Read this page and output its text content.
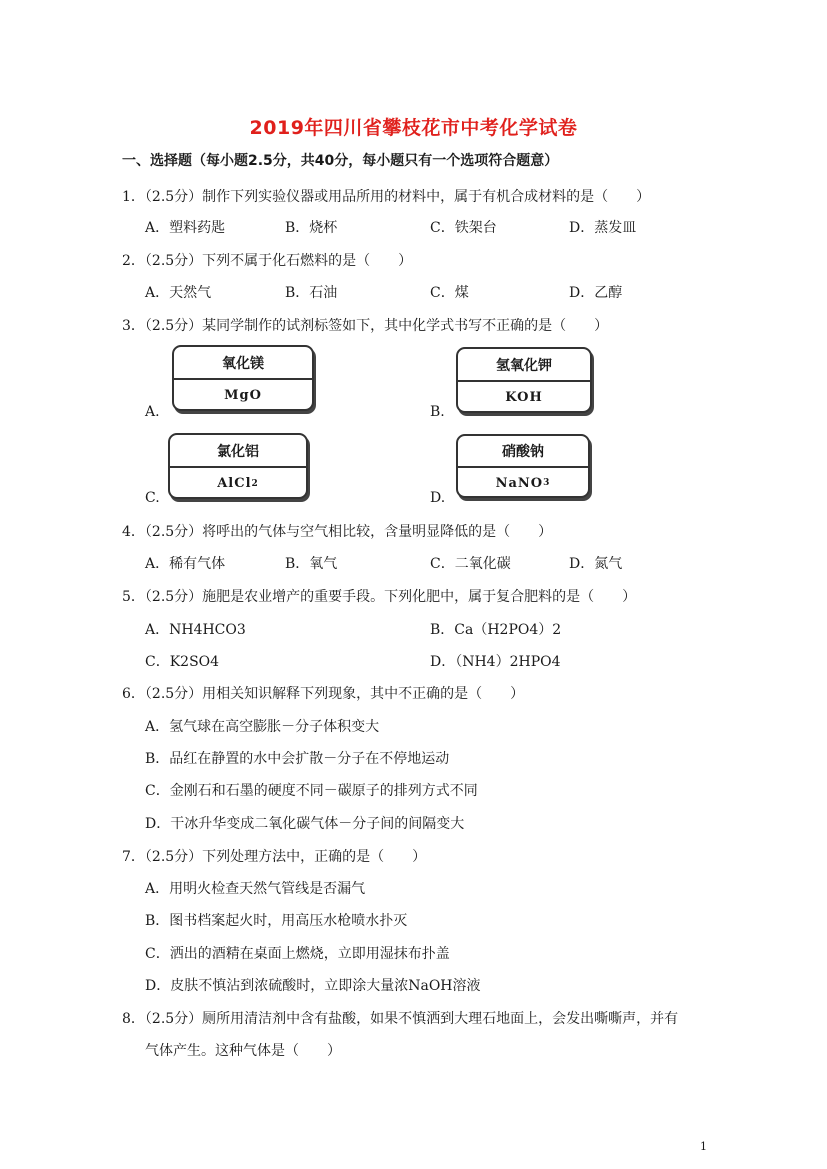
2019年四川省攀枝花市中考化学试卷
一、选择题（每小题2.5分，共40分，每小题只有一个选项符合题意）
1．（2.5分）制作下列实验仪器或用品所用的材料中，属于有机合成材料的是（　　）
A．塑料药匙	B．烧杯	C．铁架台	D．蒸发皿
2．（2.5分）下列不属于化石燃料的是（　　）
A．天然气	B．石油	C．煤	D．乙醇
3．（2.5分）某同学制作的试剂标签如下，其中化学式书写不正确的是（　　）
A.
氧化镁
MgO
B.
氢氧化钾
KOH
C.
氯化铝
AlCl 2
D.
硝酸钠
NaNO 3
4．（2.5分）将呼出的气体与空气相比较，含量明显降低的是（　　）
A．稀有气体	B．氧气	C．二氧化碳	D．氮气
5．（2.5分）施肥是农业增产的重要手段。下列化肥中，属于复合肥料的是（　　）
A．NH4HCO3	B．Ca（H2PO4）2
C．K2SO4	D．（NH4）2HPO4
6．（2.5分）用相关知识解释下列现象，其中不正确的是（　　）
A．氢气球在高空膨胀－分子体积变大
B．品红在静置的水中会扩散－分子在不停地运动
C．金刚石和石墨的硬度不同－碳原子的排列方式不同
D．干冰升华变成二氧化碳气体－分子间的间隔变大
7．（2.5分）下列处理方法中，正确的是（　　）
A．用明火检查天然气管线是否漏气
B．图书档案起火时，用高压水枪喷水扑灭
C．洒出的酒精在桌面上燃烧，立即用湿抹布扑盖
D．皮肤不慎沾到浓硫酸时，立即涂大量浓NaOH溶液
8．（2.5分）厕所用清洁剂中含有盐酸，如果不慎洒到大理石地面上，会发出嘶嘶声，并有
气体产生。这种气体是（　　）
1
